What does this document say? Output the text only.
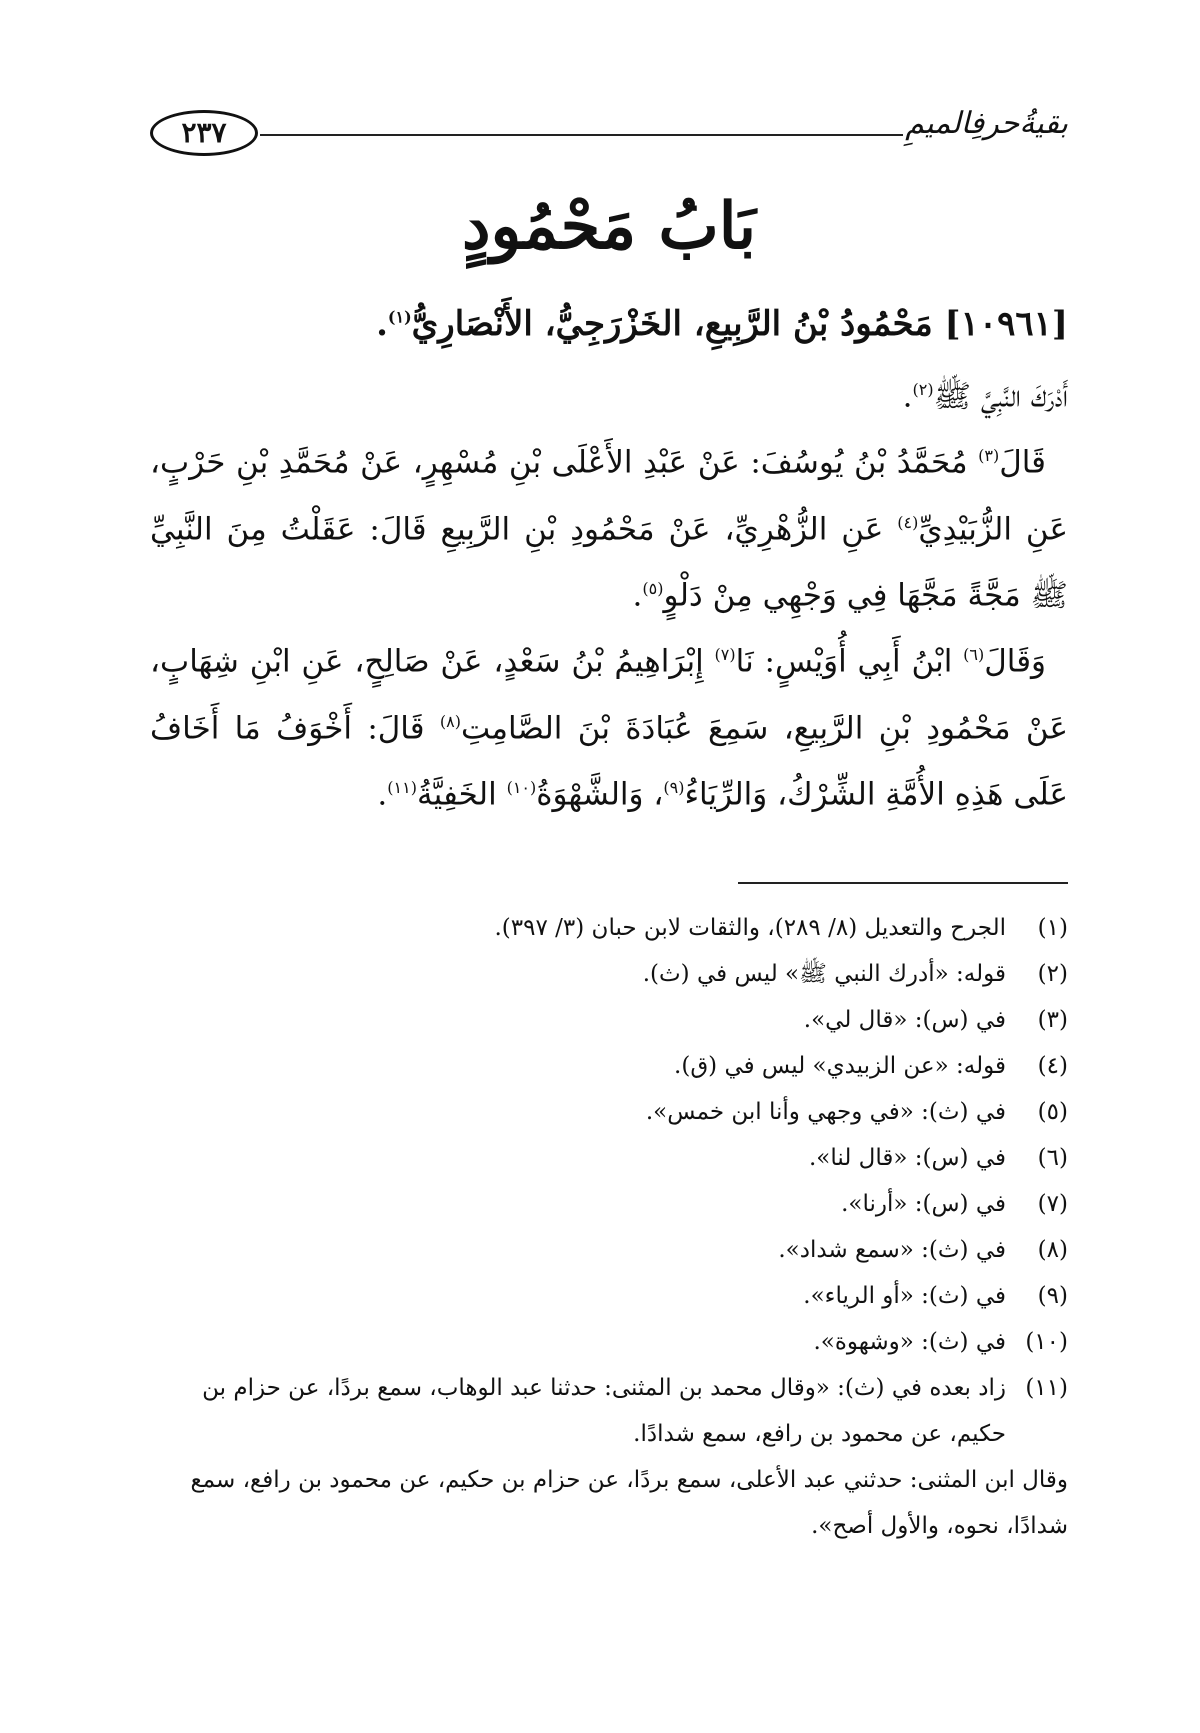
بقيةُحرفِالميمِ
٢٣٧
بَابُ مَحْمُودٍ
[١٠٩٦١] مَحْمُودُ بْنُ الرَّبِيعِ، الخَزْرَجِيُّ، الأَنْصَارِيُّ$^{(١)}$.

أَدْرَكَ النَّبِيَّ ﷺ$^{(٢)}$.

قَالَ$^{(٣)}$ مُحَمَّدُ بْنُ يُوسُفَ: عَنْ عَبْدِ الأَعْلَى بْنِ مُسْهِرٍ، عَنْ مُحَمَّدِ بْنِ حَرْبٍ، عَنِ الزُّبَيْدِيِّ$^{(٤)}$ عَنِ الزُّهْرِيِّ، عَنْ مَحْمُودِ بْنِ الرَّبِيعِ قَالَ: عَقَلْتُ مِنَ النَّبِيِّ ﷺ مَجَّةً مَجَّهَا فِي وَجْهِي مِنْ دَلْوٍ$^{(٥)}$.

وَقَالَ$^{(٦)}$ ابْنُ أَبِي أُوَيْسٍ: نَا$^{(٧)}$ إِبْرَاهِيمُ بْنُ سَعْدٍ، عَنْ صَالِحٍ، عَنِ ابْنِ شِهَابٍ، عَنْ مَحْمُودِ بْنِ الرَّبِيعِ، سَمِعَ عُبَادَةَ بْنَ الصَّامِتِ$^{(٨)}$ قَالَ: أَخْوَفُ مَا أَخَافُ عَلَى هَذِهِ الأُمَّةِ الشِّرْكُ، وَالرِّيَاءُ$^{(٩)}$، وَالشَّهْوَةُ$^{(١٠)}$ الخَفِيَّةُ$^{(١١)}$.

(١)
الجرح والتعديل (٨/ ٢٨٩)، والثقات لابن حبان (٣/ ٣٩٧).
(٢)
قوله: «أدرك النبي ﷺ» ليس في (ث).
(٣)
في (س): «قال لي».
(٤)
قوله: «عن الزبيدي» ليس في (ق).
(٥)
في (ث): «في وجهي وأنا ابن خمس».
(٦)
في (س): «قال لنا».
(٧)
في (س): «أرنا».
(٨)
في (ث): «سمع شداد».
(٩)
في (ث): «أو الرياء».
(١٠)
في (ث): «وشهوة».
(١١)
زاد بعده في (ث): «وقال محمد بن المثنى: حدثنا عبد الوهاب، سمع بردًا، عن حزام بن حكيم، عن محمود بن رافع، سمع شدادًا.
وقال ابن المثنى: حدثني عبد الأعلى، سمع بردًا، عن حزام بن حكيم، عن محمود بن رافع، سمع شدادًا، نحوه، والأول أصح».
